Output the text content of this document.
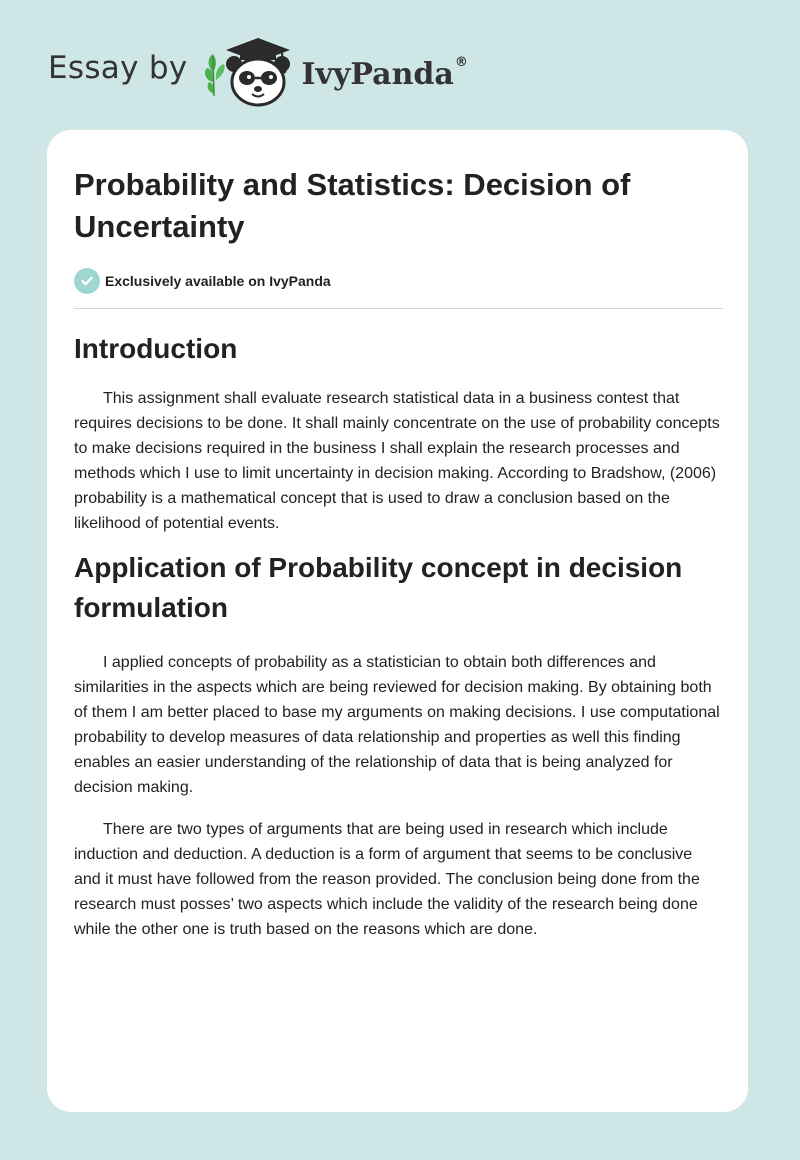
Essay by	IvyPanda ®
Probability and Statistics: Decision of Uncertainty
Exclusively available on IvyPanda
Introduction

This assignment shall evaluate research statistical data in a business contest that requires decisions to be done. It shall mainly concentrate on the use of probability concepts to make decisions required in the business I shall explain the research processes and methods which I use to limit uncertainty in decision making. According to Bradshow, (2006) probability is a mathematical concept that is used to draw a conclusion based on the likelihood of potential events.

Application of Probability concept in decision formulation

I applied concepts of probability as a statistician to obtain both differences and similarities in the aspects which are being reviewed for decision making. By obtaining both of them I am better placed to base my arguments on making decisions. I use computational probability to develop measures of data relationship and properties as well this finding enables an easier understanding of the relationship of data that is being analyzed for decision making.

There are two types of arguments that are being used in research which include induction and deduction. A deduction is a form of argument that seems to be conclusive and it must have followed from the reason provided. The conclusion being done from the research must posses’ two aspects which include the validity of the research being done while the other one is truth based on the reasons which are done.
